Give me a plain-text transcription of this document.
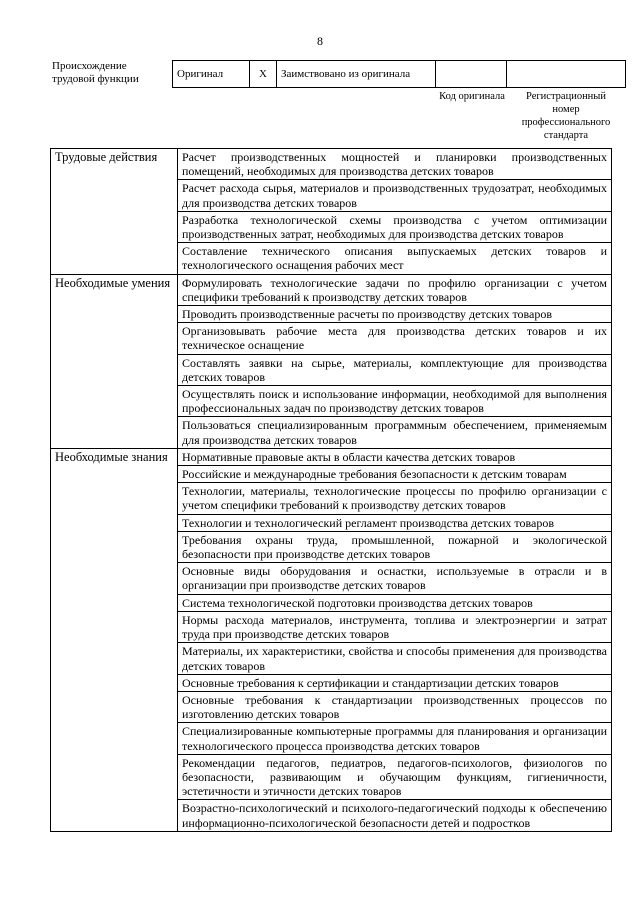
8
Происхождение трудовой функции	Оригинал	X	Заимствовано из оригинала		
Код оригинала	Регистрационный номер профессионального стандарта
Трудовые действия	Расчет производственных мощностей и планировки производственных помещений, необходимых для производства детских товаров
	Расчет расхода сырья, материалов и производственных трудозатрат, необходимых для производства детских товаров
	Разработка технологической схемы производства с учетом оптимизации производственных затрат, необходимых для производства детских товаров
	Составление технического описания выпускаемых детских товаров и технологического оснащения рабочих мест
Необходимые умения	Формулировать технологические задачи по профилю организации с учетом специфики требований к производству детских товаров
	Проводить производственные расчеты по производству детских товаров
	Организовывать рабочие места для производства детских товаров и их техническое оснащение
	Составлять заявки на сырье, материалы, комплектующие для производства детских товаров
	Осуществлять поиск и использование информации, необходимой для выполнения профессиональных задач по производству детских товаров
	Пользоваться специализированным программным обеспечением, применяемым для производства детских товаров
Необходимые знания	Нормативные правовые акты в области качества детских товаров
	Российские и международные требования безопасности к детским товарам
	Технологии, материалы, технологические процессы по профилю организации с учетом специфики требований к производству детских товаров
	Технологии и технологический регламент производства детских товаров
	Требования охраны труда, промышленной, пожарной и экологической безопасности при производстве детских товаров
	Основные виды оборудования и оснастки, используемые в отрасли и в организации при производстве детских товаров
	Система технологической подготовки производства детских товаров
	Нормы расхода материалов, инструмента, топлива и электроэнергии и затрат труда при производстве детских товаров
	Материалы, их характеристики, свойства и способы применения для производства детских товаров
	Основные требования к сертификации и стандартизации детских товаров
	Основные требования к стандартизации производственных процессов по изготовлению детских товаров
	Специализированные компьютерные программы для планирования и организации технологического процесса производства детских товаров
	Рекомендации педагогов, педиатров, педагогов-психологов, физиологов по безопасности, развивающим и обучающим функциям, гигиеничности, эстетичности и этичности детских товаров
	Возрастно-психологический и психолого-педагогический подходы к обеспечению информационно-психологической безопасности детей и подростков
